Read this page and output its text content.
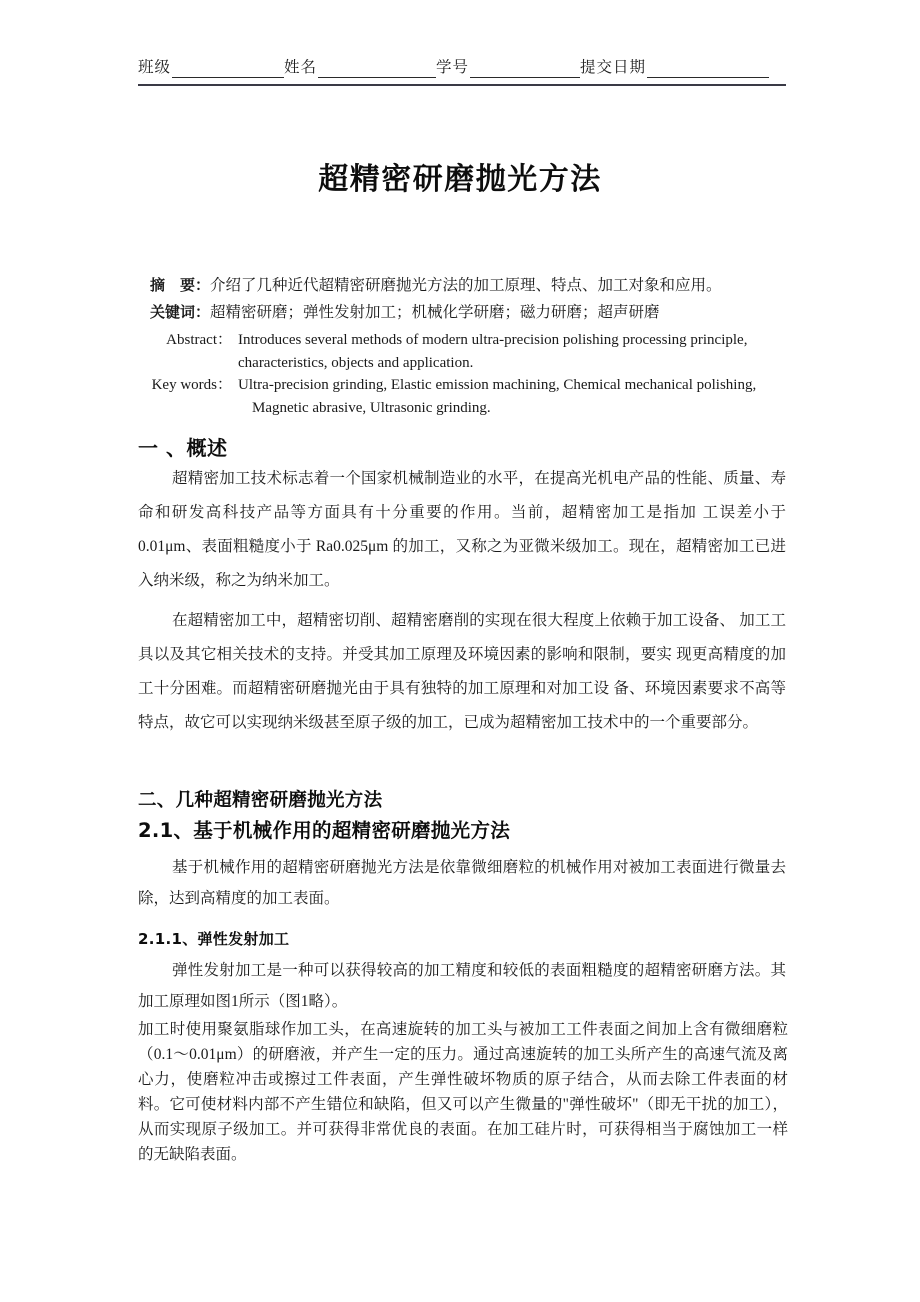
班级	姓名	学号	提交日期
超精密研磨抛光方法
摘　要： 介绍了几种近代超精密研磨抛光方法的加工原理、特点、加工对象和应用。
关键词： 超精密研磨；弹性发射加工；机械化学研磨；磁力研磨；超声研磨
Abstract： Introduces several methods of modern ultra-precision polishing processing principle,
characteristics, objects and application.
Key words： Ultra-precision grinding, Elastic emission machining, Chemical mechanical polishing,
Magnetic abrasive, Ultrasonic grinding.
一 、概述
超精密加工技术标志着一个国家机械制造业的水平，在提高光机电产品的性能、质量、寿命和研发高科技产品等方面具有十分重要的作用。当前，超精密加工是指加 工误差小于 0.01μm、表面粗糙度小于 Ra0.025μm 的加工，又称之为亚微米级加工。现在，超精密加工已进入纳米级，称之为纳米加工。
在超精密加工中，超精密切削、超精密磨削的实现在很大程度上依赖于加工设备、 加工工具以及其它相关技术的支持。并受其加工原理及环境因素的影响和限制，要实 现更高精度的加工十分困难。而超精密研磨抛光由于具有独特的加工原理和对加工设 备、环境因素要求不高等特点，故它可以实现纳米级甚至原子级的加工，已成为超精密加工技术中的一个重要部分。
二、几种超精密研磨抛光方法
2.1、基于机械作用的超精密研磨抛光方法
基于机械作用的超精密研磨抛光方法是依靠微细磨粒的机械作用对被加工表面进行微量去除，达到高精度的加工表面。
2.1.1、弹性发射加工
弹性发射加工是一种可以获得较高的加工精度和较低的表面粗糙度的超精密研磨方法。其加工原理如图1所示（图1略）。
加工时使用聚氨脂球作加工头，在高速旋转的加工头与被加工工件表面之间加上含有微细磨粒（0.1～0.01μm）的研磨液，并产生一定的压力。通过高速旋转的加工头所产生的高速气流及离心力，使磨粒冲击或擦过工件表面，产生弹性破坏物质的原子结合，从而去除工件表面的材料。它可使材料内部不产生错位和缺陷，但又可以产生微量的"弹性破坏"（即无干扰的加工），从而实现原子级加工。并可获得非常优良的表面。在加工硅片时，可获得相当于腐蚀加工一样的无缺陷表面。
